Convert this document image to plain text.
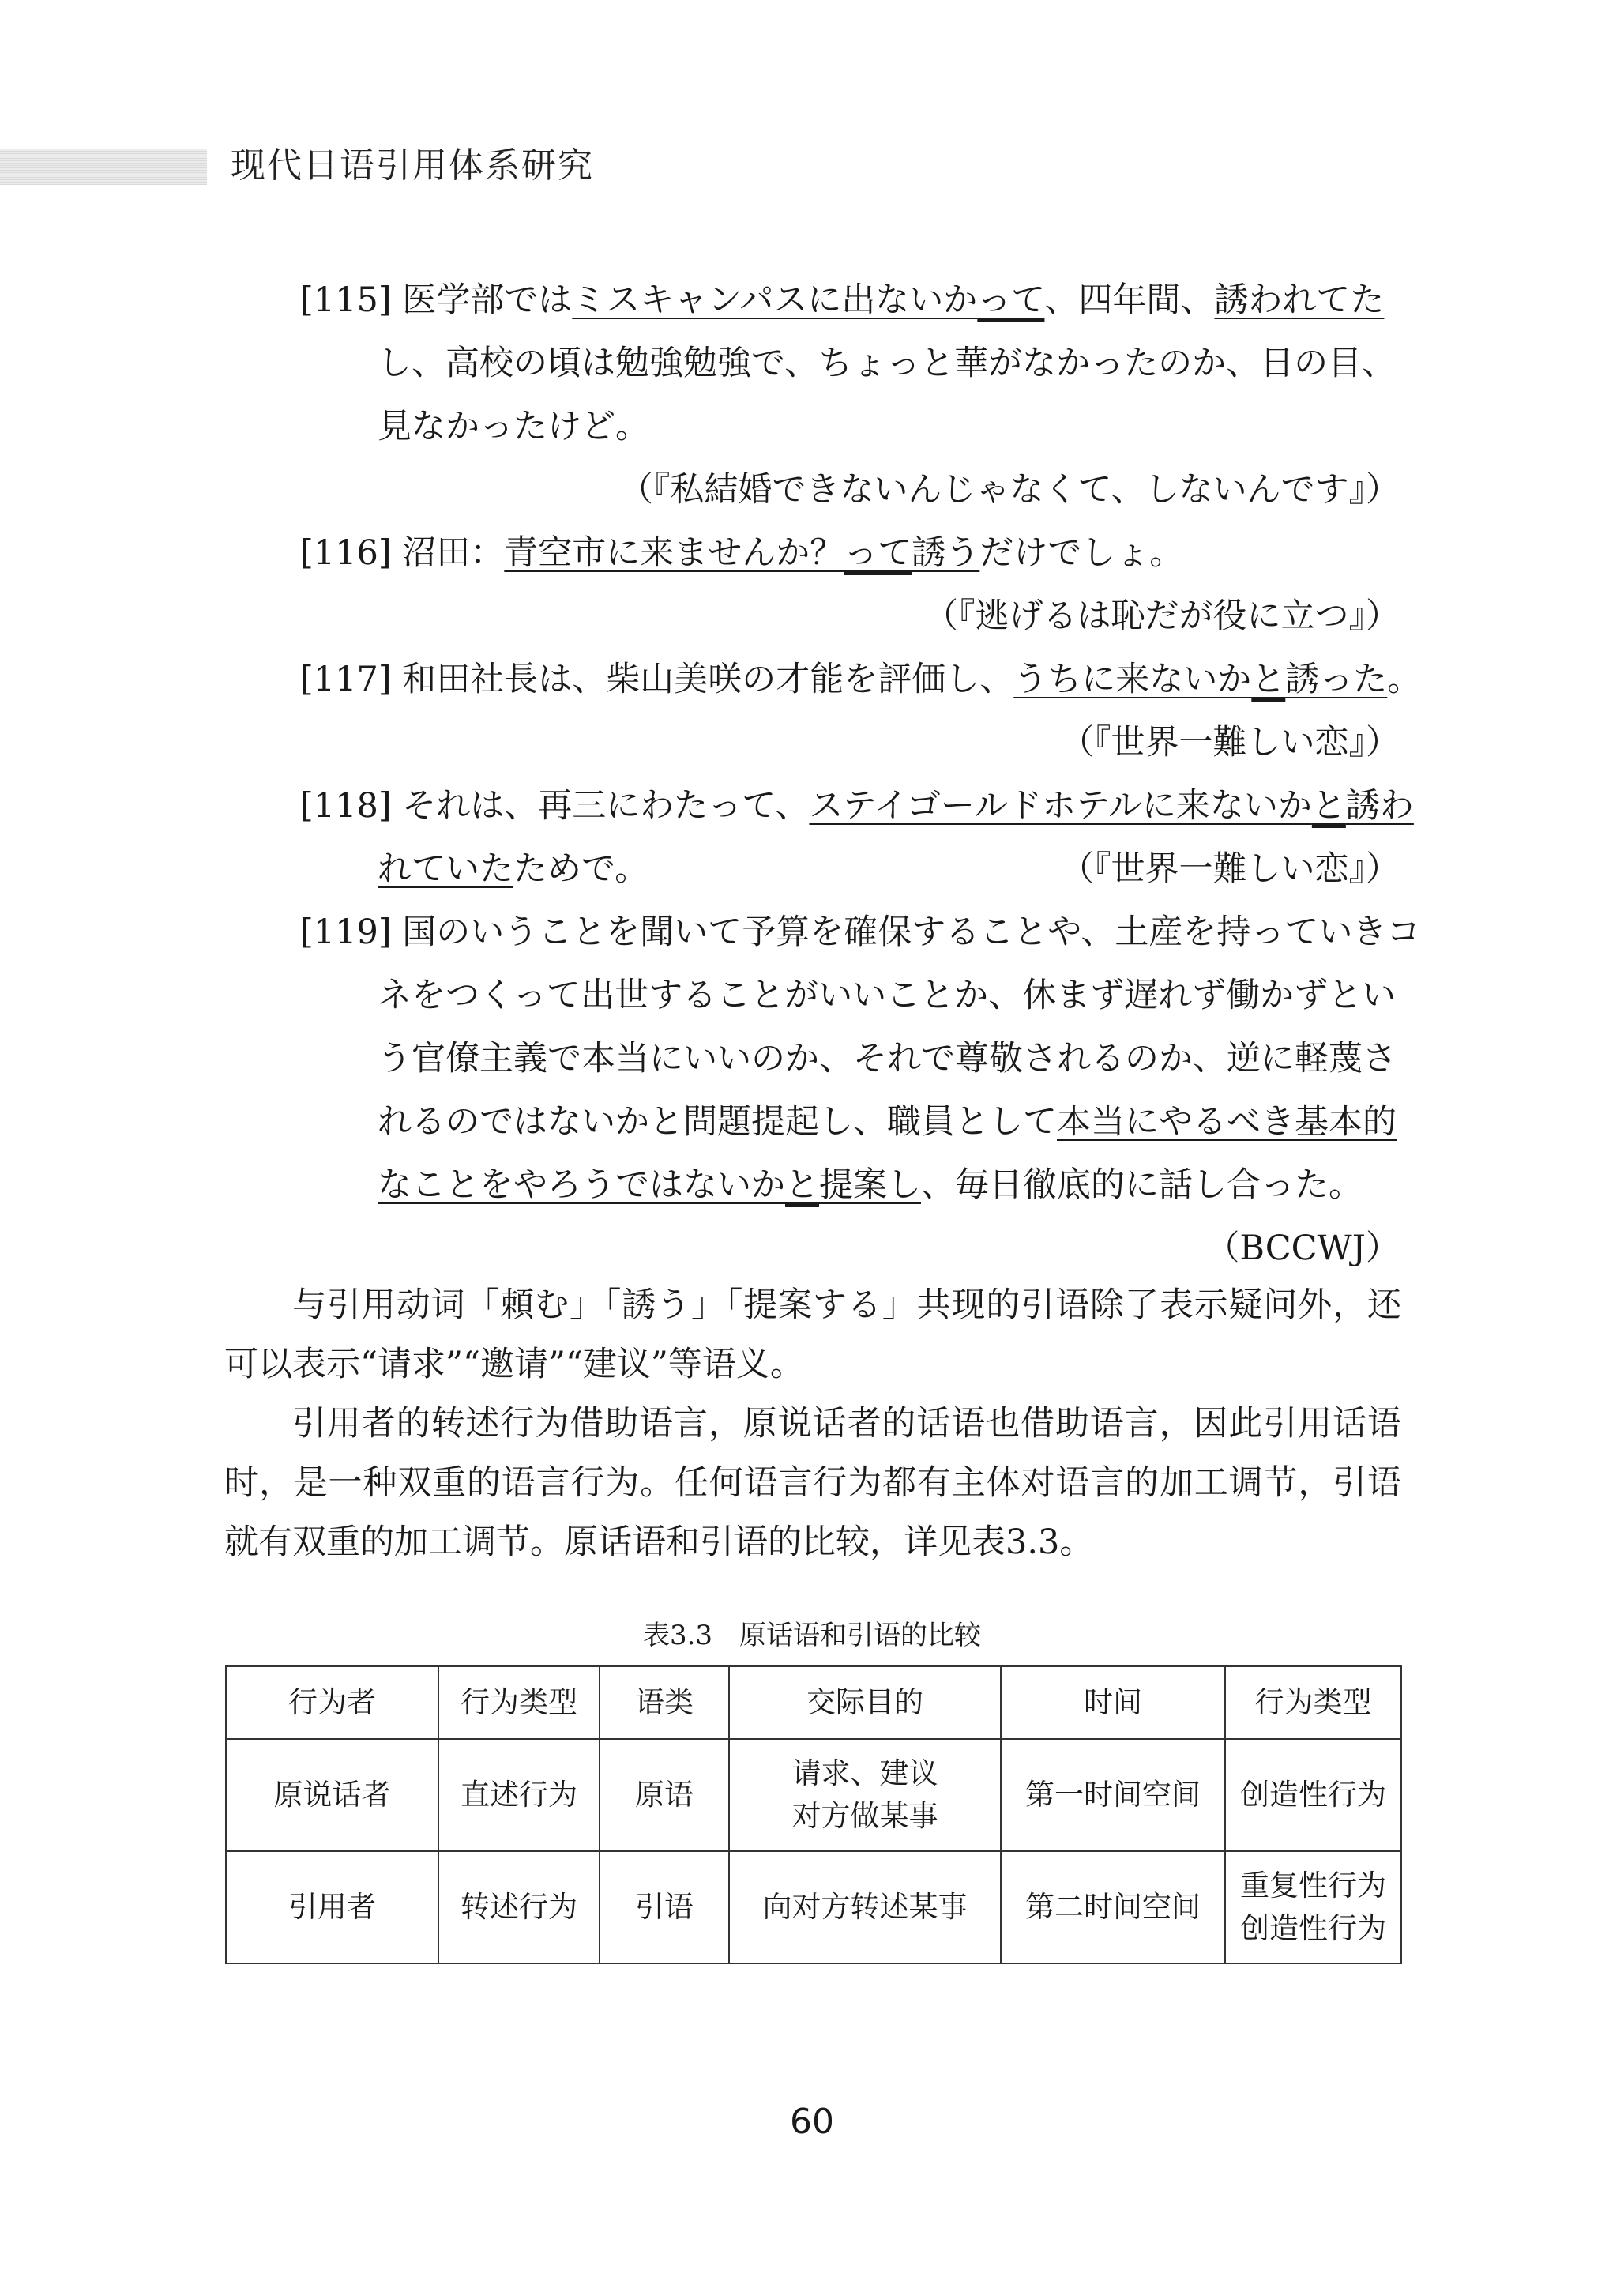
现代日语引用体系研究
[115] 医学部ではミスキャンパスに出ないかって、四年間、誘われてた
し、高校の頃は勉強勉強で、ちょっと華がなかったのか、日の目、
見なかったけど。
（『私結婚できないんじゃなくて、しないんです』）
[116] 沼田：青空市に来ませんか？って誘うだけでしょ。
（『逃げるは恥だが役に立つ』）
[117] 和田社長は、柴山美咲の才能を評価し、うちに来ないかと誘った。
（『世界一難しい恋』）
[118] それは、再三にわたって、ステイゴールドホテルに来ないかと誘わ
れていたためで。	（『世界一難しい恋』）
[119] 国のいうことを聞いて予算を確保することや、土産を持っていきコ
ネをつくって出世することがいいことか、休まず遅れず働かずとい
う官僚主義で本当にいいのか、それで尊敬されるのか、逆に軽蔑さ
れるのではないかと問題提起し、職員として本当にやるべき基本的
なことをやろうではないかと提案し、毎日徹底的に話し合った。
（BCCWJ）

与引用动词「頼む」「誘う」「提案する」共现的引语除了表示疑问外，还可以表示“请求”“邀请”“建议”等语义。

引用者的转述行为借助语言，原说话者的话语也借助语言，因此引用话语时，是一种双重的语言行为。任何语言行为都有主体对语言的加工调节，引语就有双重的加工调节。原话语和引语的比较，详见表3.3。

表3.3　原话语和引语的比较
行为者	行为类型	语类	交际目的	时间	行为类型
原说话者	直述行为	原语	请求、建议
对方做某事	第一时间空间	创造性行为
引用者	转述行为	引语	向对方转述某事	第二时间空间	重复性行为
创造性行为
60
